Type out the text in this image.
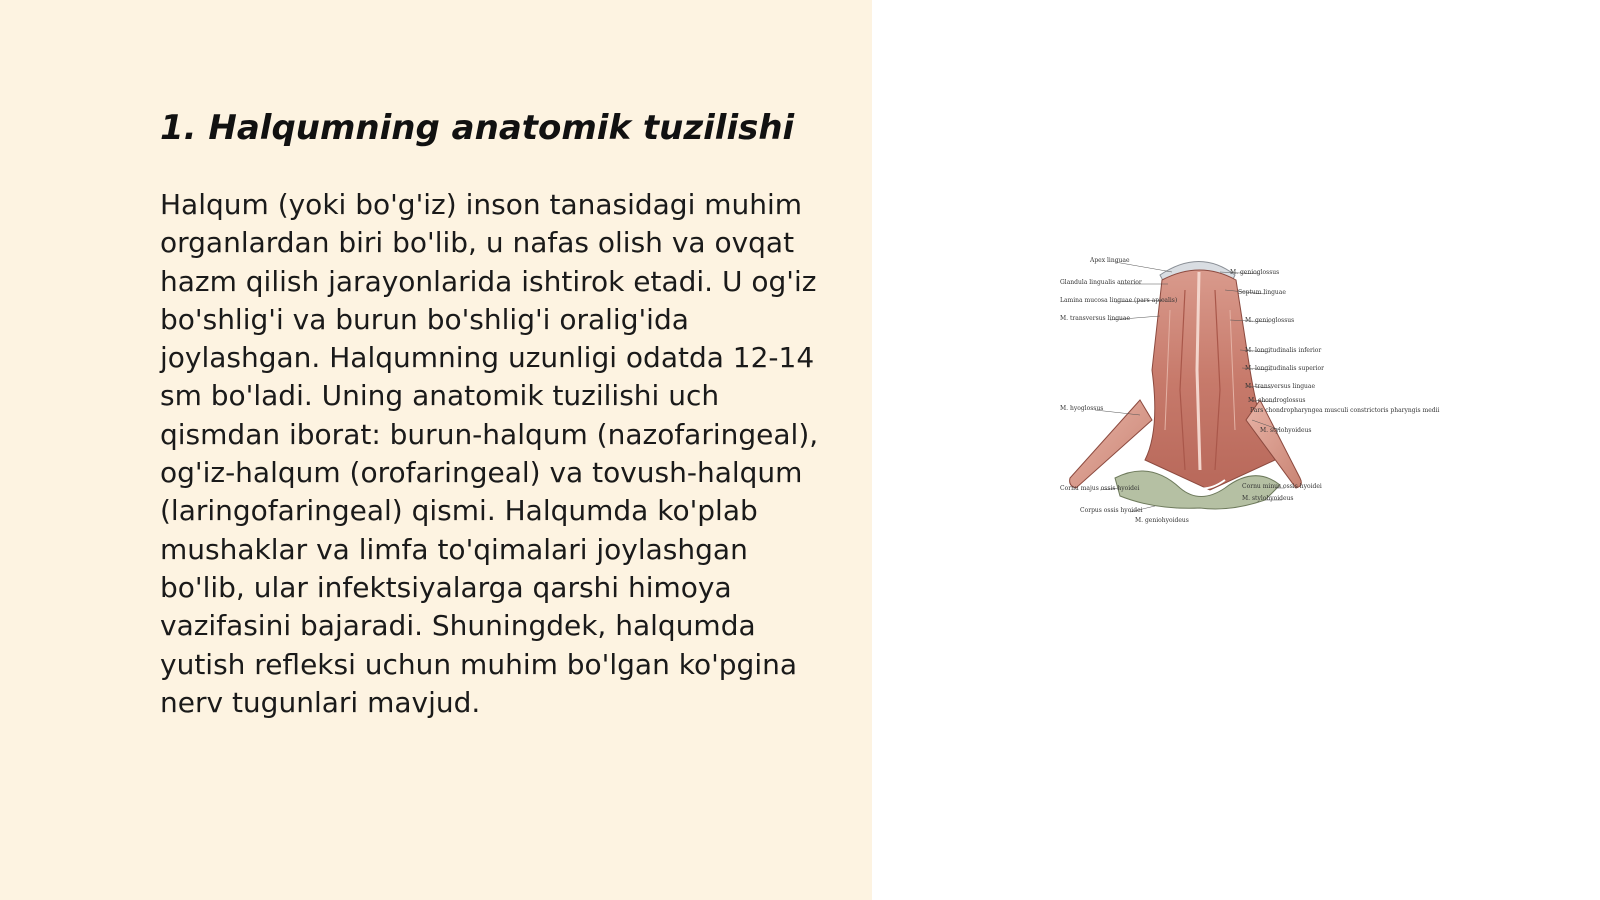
1. Halqumning anatomik tuzilishi

Halqum (yoki bo'g'iz) inson tanasidagi muhim organlardan biri bo'lib, u nafas olish va ovqat hazm qilish jarayonlarida ishtirok etadi. U og'iz bo'shlig'i va burun bo'shlig'i oralig'ida joylashgan. Halqumning uzunligi odatda 12-14 sm bo'ladi. Uning anatomik tuzilishi uch qismdan iborat: burun-halqum (nazofaringeal), og'iz-halqum (orofaringeal) va tovush-halqum (laringofaringeal) qismi. Halqumda ko'plab mushaklar va limfa to'qimalari joylashgan bo'lib, ular infektsiyalarga qarshi himoya vazifasini bajaradi. Shuningdek, halqumda yutish refleksi uchun muhim bo'lgan ko'pgina nerv tugunlari mavjud.

Apex linguae
Glandula lingualis anterior
Lamina mucosa linguae (pars apicalis)
M. transversus linguae
M. hyoglossus
Cornu majus ossis hyoidei
Corpus ossis hyoidei
M. genioglossus
Septum linguae
M. genioglossus
M. longitudinalis inferior
M. longitudinalis superior
M. transversus linguae
M. chondroglossus
Pars chondropharyngea musculi constrictoris pharyngis medii
M. stylohyoideus
Cornu minus ossis hyoidei
M. stylohyoideus
M. geniohyoideus
